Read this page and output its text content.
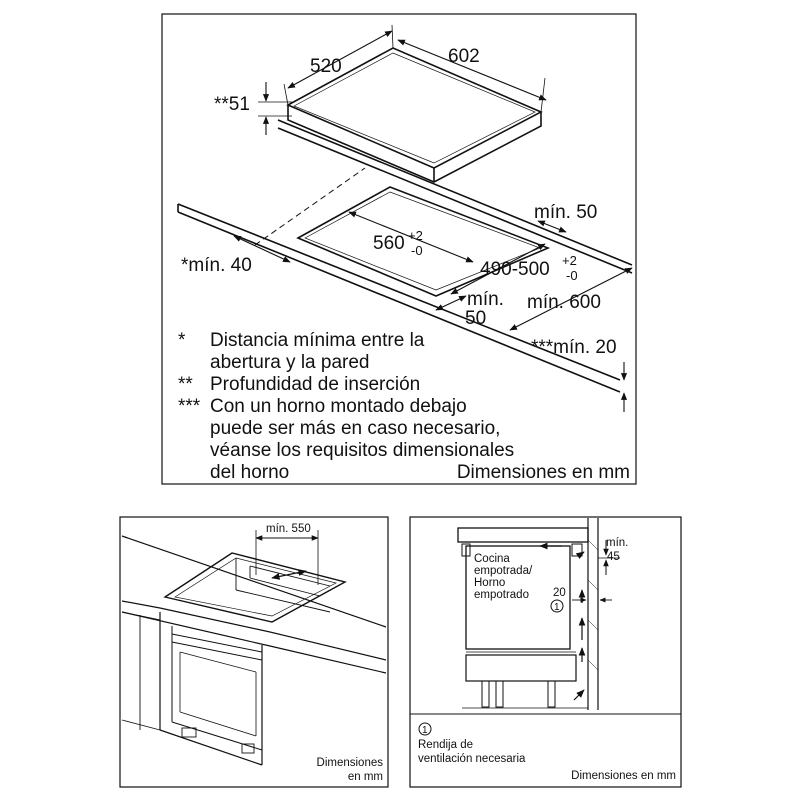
520	602
**51
mín. 50
560 +2
-0
490-500 +2
-0
*mín. 40
mín.
50
mín. 600
***mín. 20
* Distancia mínima entre la
abertura y la pared
** Profundidad de inserción
*** Con un horno montado debajo
puede ser más en caso necesario,
véanse los requisitos dimensionales
del horno	Dimensiones en mm
mín. 550
Dimensiones
en mm
mín.
45
Cocina
empotrada/
Horno
empotrado 20
1
1
Rendija de
ventilación necesaria
Dimensiones en mm
